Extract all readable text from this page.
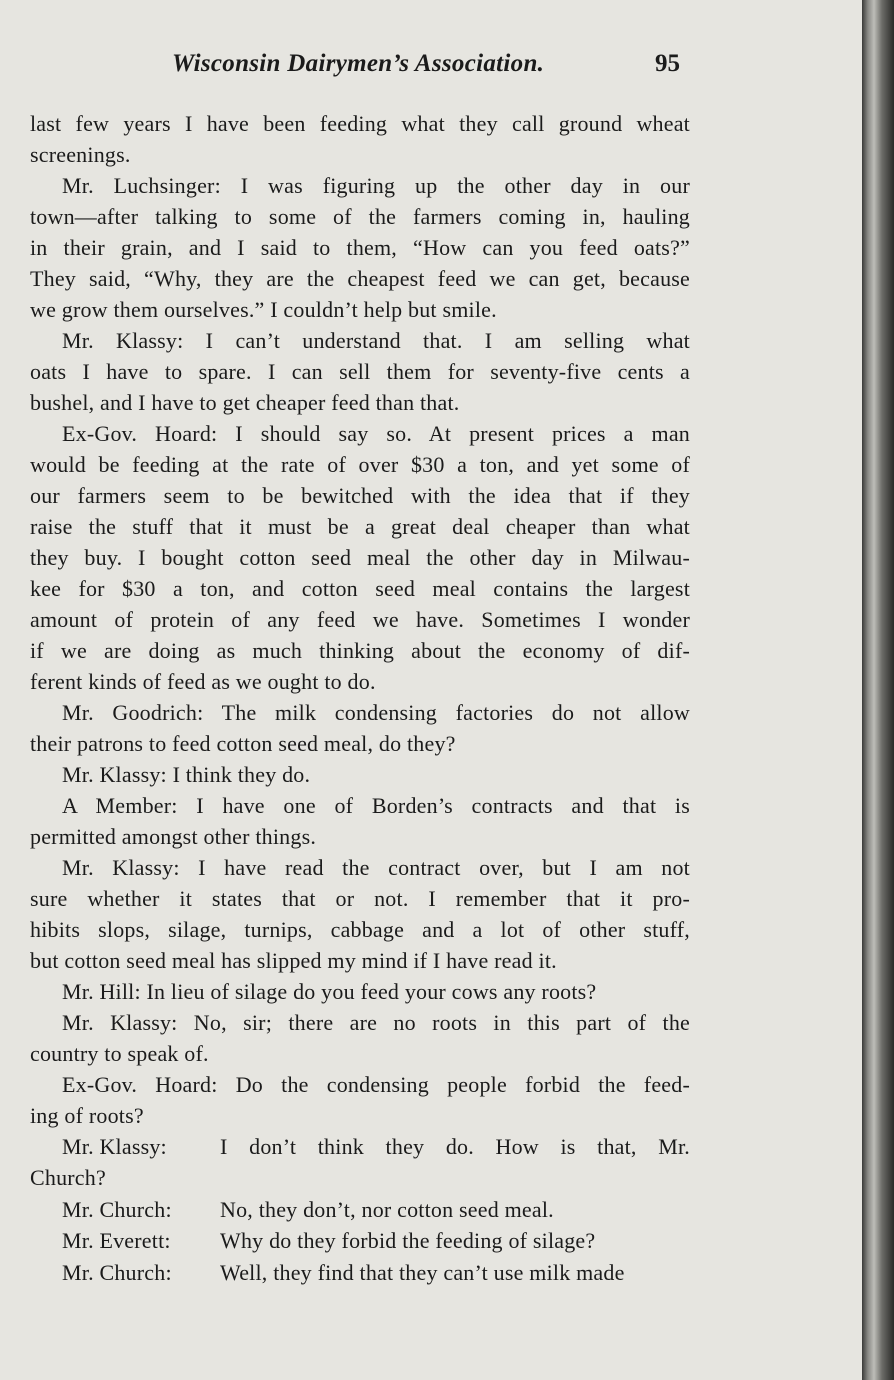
Wisconsin Dairymen’s Association.	95
last few years I have been feeding what they call ground wheat
screenings.
Mr. Luchsinger: I was figuring up the other day in our
town—after talking to some of the farmers coming in, hauling
in their grain, and I said to them, “How can you feed oats?”
They said, “Why, they are the cheapest feed we can get, because
we grow them ourselves.” I couldn’t help but smile.
Mr. Klassy: I can’t understand that. I am selling what
oats I have to spare. I can sell them for seventy-five cents a
bushel, and I have to get cheaper feed than that.
Ex-Gov. Hoard: I should say so. At present prices a man
would be feeding at the rate of over $30 a ton, and yet some of
our farmers seem to be bewitched with the idea that if they
raise the stuff that it must be a great deal cheaper than what
they buy. I bought cotton seed meal the other day in Milwau-
kee for $30 a ton, and cotton seed meal contains the largest
amount of protein of any feed we have. Sometimes I wonder
if we are doing as much thinking about the economy of dif-
ferent kinds of feed as we ought to do.
Mr. Goodrich: The milk condensing factories do not allow
their patrons to feed cotton seed meal, do they?
Mr. Klassy: I think they do.
A Member: I have one of Borden’s contracts and that is
permitted amongst other things.
Mr. Klassy: I have read the contract over, but I am not
sure whether it states that or not. I remember that it pro-
hibits slops, silage, turnips, cabbage and a lot of other stuff,
but cotton seed meal has slipped my mind if I have read it.
Mr. Hill: In lieu of silage do you feed your cows any roots?
Mr. Klassy: No, sir; there are no roots in this part of the
country to speak of.
Ex-Gov. Hoard: Do the condensing people forbid the feed-
ing of roots?
Mr. Klassy: I don’t think they do. How is that, Mr.
Church?
Mr. Church: No, they don’t, nor cotton seed meal.
Mr. Everett: Why do they forbid the feeding of silage?
Mr. Church: Well, they find that they can’t use milk made
